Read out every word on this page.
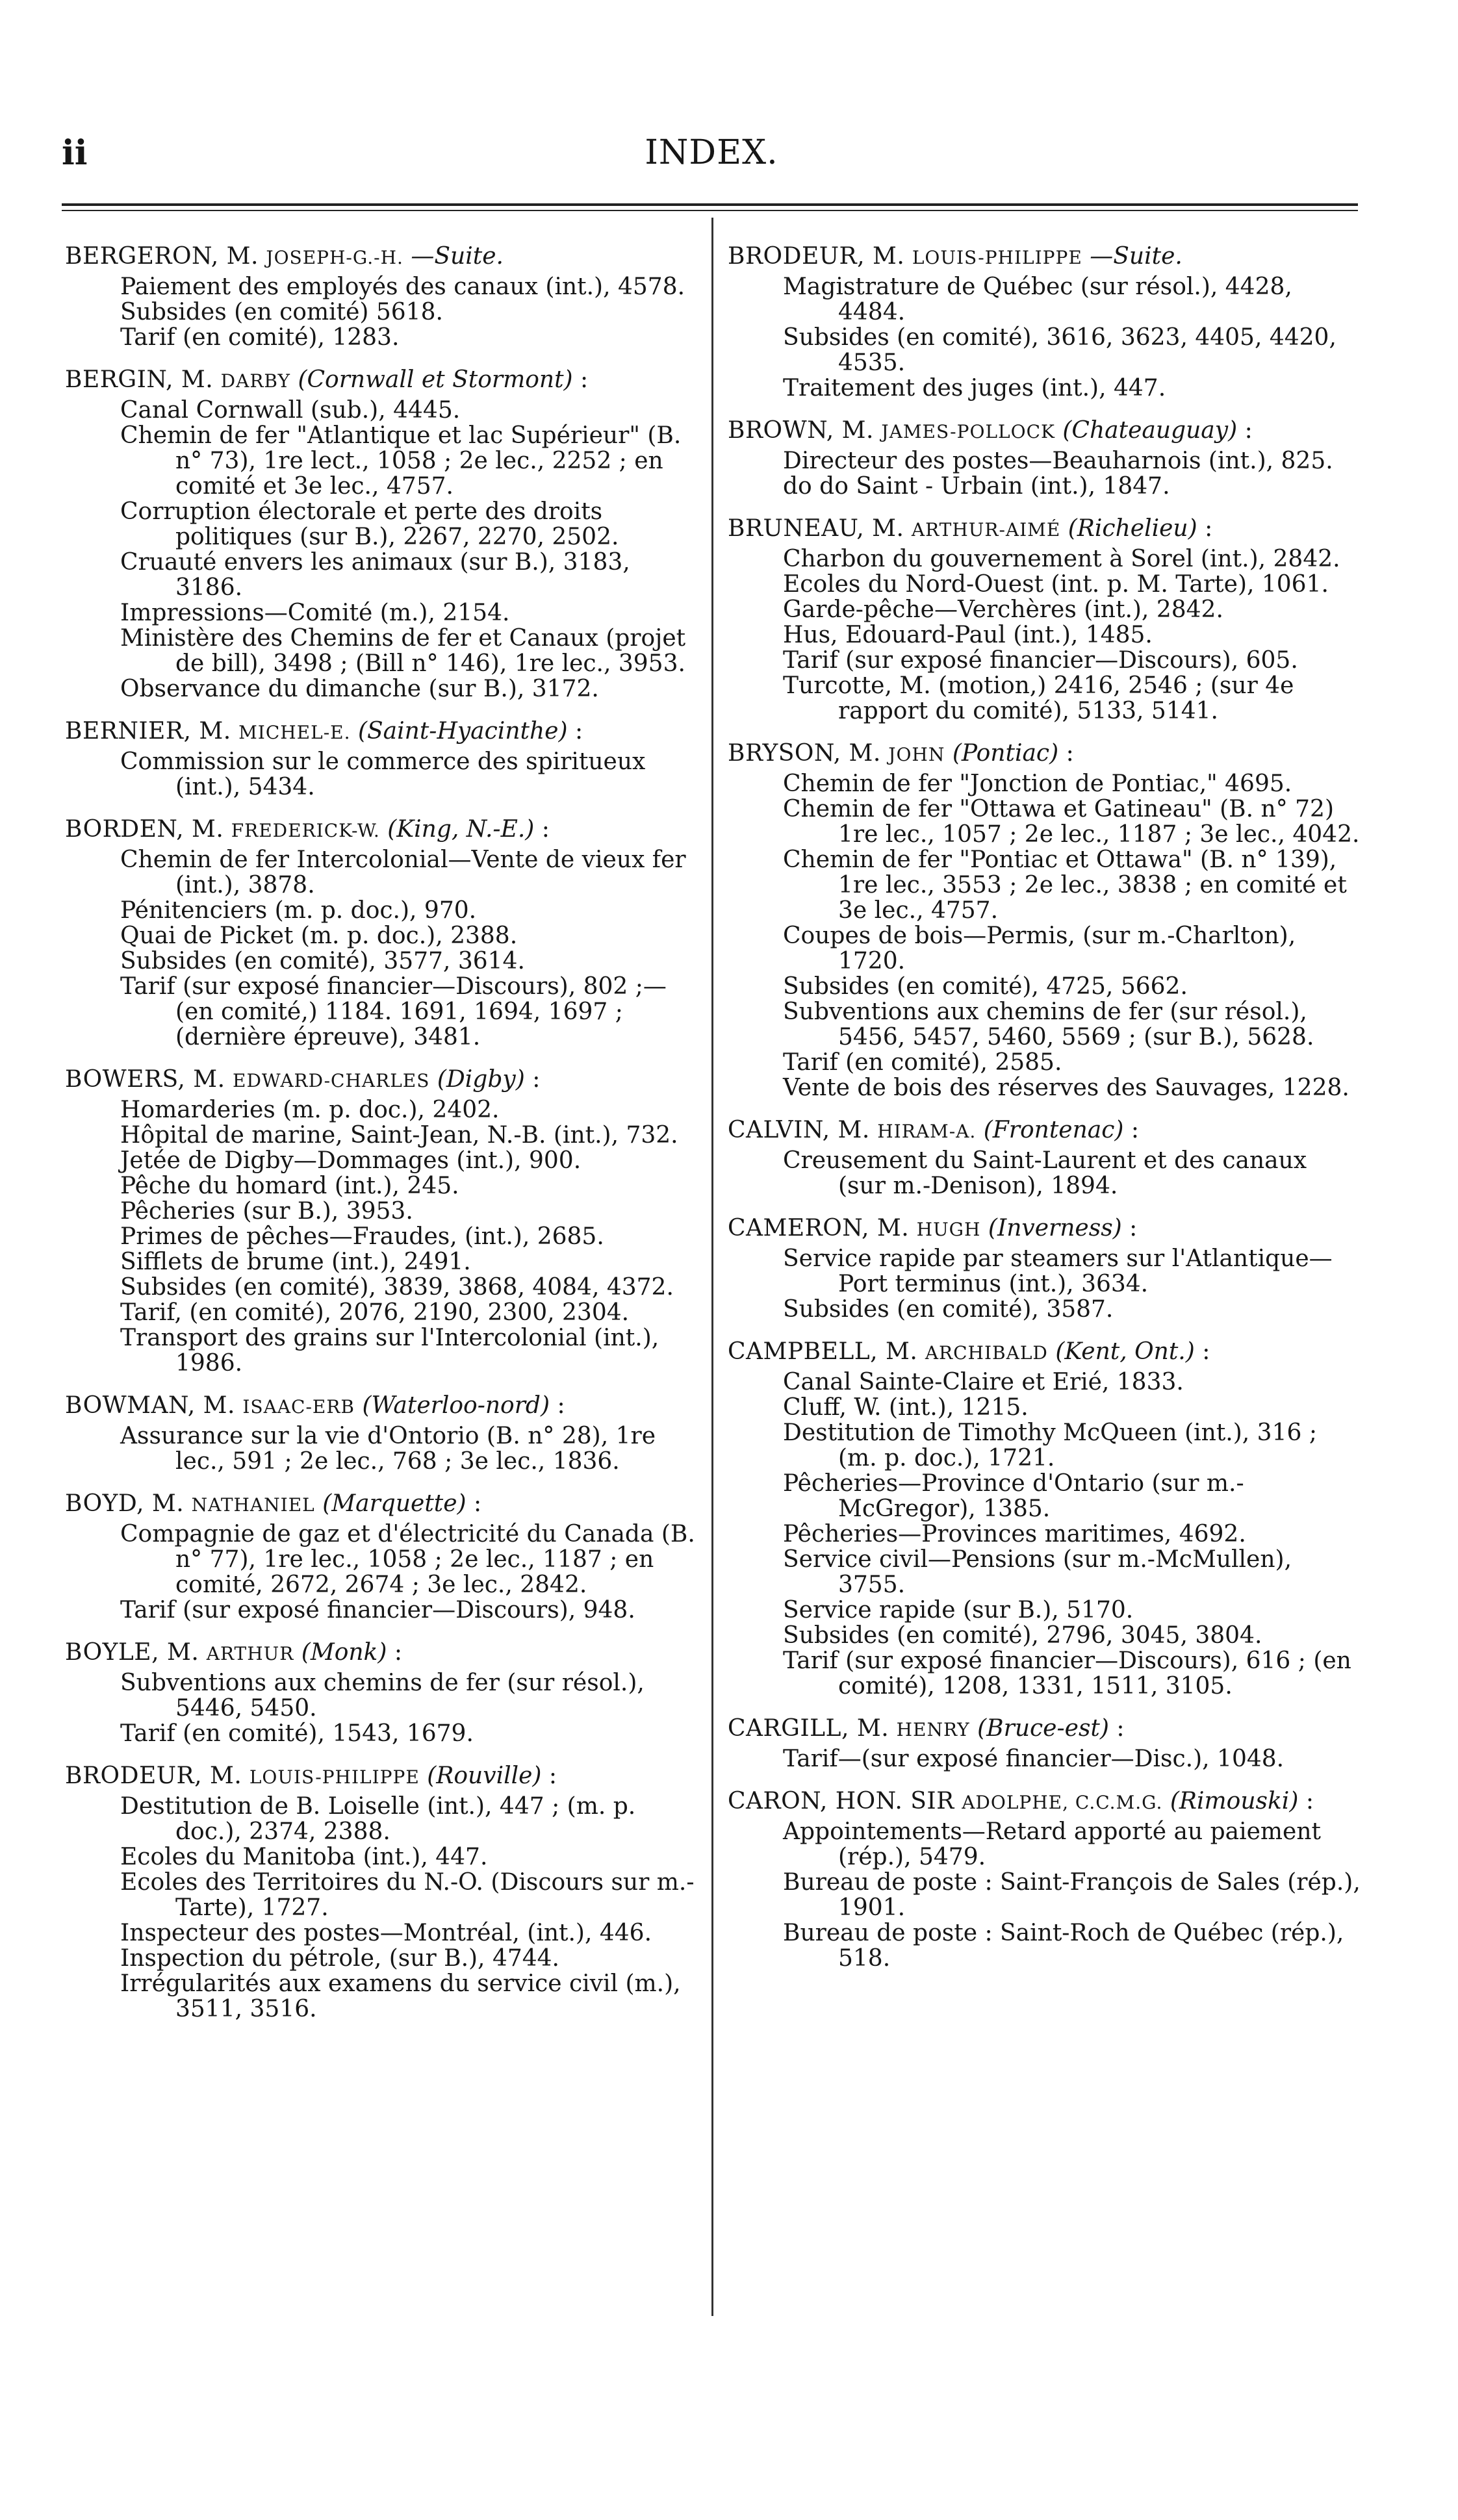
ii	INDEX.
BERGERON, M. JOSEPH-G.-H. —Suite.
Paiement des employés des canaux (int.), 4578.
Subsides (en comité) 5618.
Tarif (en comité), 1283.
BERGIN, M. DARBY (Cornwall et Stormont) :
Canal Cornwall (sub.), 4445.
Chemin de fer "Atlantique et lac Supérieur" (B. n° 73), 1re lect., 1058 ; 2e lec., 2252 ; en comité et 3e lec., 4757.
Corruption électorale et perte des droits politiques (sur B.), 2267, 2270, 2502.
Cruauté envers les animaux (sur B.), 3183, 3186.
Impressions—Comité (m.), 2154.
Ministère des Chemins de fer et Canaux (projet de bill), 3498 ; (Bill n° 146), 1re lec., 3953.
Observance du dimanche (sur B.), 3172.
BERNIER, M. MICHEL-E. (Saint-Hyacinthe) :
Commission sur le commerce des spiritueux (int.), 5434.
BORDEN, M. FREDERICK-W. (King, N.-E.) :
Chemin de fer Intercolonial—Vente de vieux fer (int.), 3878.
Pénitenciers (m. p. doc.), 970.
Quai de Picket (m. p. doc.), 2388.
Subsides (en comité), 3577, 3614.
Tarif (sur exposé financier—Discours), 802 ;— (en comité,) 1184. 1691, 1694, 1697 ; (dernière épreuve), 3481.
BOWERS, M. EDWARD-CHARLES (Digby) :
Homarderies (m. p. doc.), 2402.
Hôpital de marine, Saint-Jean, N.-B. (int.), 732.
Jetée de Digby—Dommages (int.), 900.
Pêche du homard (int.), 245.
Pêcheries (sur B.), 3953.
Primes de pêches—Fraudes, (int.), 2685.
Sifflets de brume (int.), 2491.
Subsides (en comité), 3839, 3868, 4084, 4372.
Tarif, (en comité), 2076, 2190, 2300, 2304.
Transport des grains sur l'Intercolonial (int.), 1986.
BOWMAN, M. ISAAC-ERB (Waterloo-nord) :
Assurance sur la vie d'Ontorio (B. n° 28), 1re lec., 591 ; 2e lec., 768 ; 3e lec., 1836.
BOYD, M. NATHANIEL (Marquette) :
Compagnie de gaz et d'électricité du Canada (B. n° 77), 1re lec., 1058 ; 2e lec., 1187 ; en comité, 2672, 2674 ; 3e lec., 2842.
Tarif (sur exposé financier—Discours), 948.
BOYLE, M. ARTHUR (Monk) :
Subventions aux chemins de fer (sur résol.), 5446, 5450.
Tarif (en comité), 1543, 1679.
BRODEUR, M. LOUIS-PHILIPPE (Rouville) :
Destitution de B. Loiselle (int.), 447 ; (m. p. doc.), 2374, 2388.
Ecoles du Manitoba (int.), 447.
Ecoles des Territoires du N.-O. (Discours sur m.-Tarte), 1727.
Inspecteur des postes—Montréal, (int.), 446.
Inspection du pétrole, (sur B.), 4744.
Irrégularités aux examens du service civil (m.), 3511, 3516.
BRODEUR, M. LOUIS-PHILIPPE —Suite.
Magistrature de Québec (sur résol.), 4428, 4484.
Subsides (en comité), 3616, 3623, 4405, 4420, 4535.
Traitement des juges (int.), 447.
BROWN, M. JAMES-POLLOCK (Chateauguay) :
Directeur des postes—Beauharnois (int.), 825.
do do Saint - Urbain (int.), 1847.
BRUNEAU, M. ARTHUR-AIMÉ (Richelieu) :
Charbon du gouvernement à Sorel (int.), 2842.
Ecoles du Nord-Ouest (int. p. M. Tarte), 1061.
Garde-pêche—Verchères (int.), 2842.
Hus, Edouard-Paul (int.), 1485.
Tarif (sur exposé financier—Discours), 605.
Turcotte, M. (motion,) 2416, 2546 ; (sur 4e rapport du comité), 5133, 5141.
BRYSON, M. JOHN (Pontiac) :
Chemin de fer "Jonction de Pontiac," 4695.
Chemin de fer "Ottawa et Gatineau" (B. n° 72) 1re lec., 1057 ; 2e lec., 1187 ; 3e lec., 4042.
Chemin de fer "Pontiac et Ottawa" (B. n° 139), 1re lec., 3553 ; 2e lec., 3838 ; en comité et 3e lec., 4757.
Coupes de bois—Permis, (sur m.-Charlton), 1720.
Subsides (en comité), 4725, 5662.
Subventions aux chemins de fer (sur résol.), 5456, 5457, 5460, 5569 ; (sur B.), 5628.
Tarif (en comité), 2585.
Vente de bois des réserves des Sauvages, 1228.
CALVIN, M. HIRAM-A. (Frontenac) :
Creusement du Saint-Laurent et des canaux (sur m.-Denison), 1894.
CAMERON, M. HUGH (Inverness) :
Service rapide par steamers sur l'Atlantique— Port terminus (int.), 3634.
Subsides (en comité), 3587.
CAMPBELL, M. ARCHIBALD (Kent, Ont.) :
Canal Sainte-Claire et Erié, 1833.
Cluff, W. (int.), 1215.
Destitution de Timothy McQueen (int.), 316 ; (m. p. doc.), 1721.
Pêcheries—Province d'Ontario (sur m.-McGregor), 1385.
Pêcheries—Provinces maritimes, 4692.
Service civil—Pensions (sur m.-McMullen), 3755.
Service rapide (sur B.), 5170.
Subsides (en comité), 2796, 3045, 3804.
Tarif (sur exposé financier—Discours), 616 ; (en comité), 1208, 1331, 1511, 3105.
CARGILL, M. HENRY (Bruce-est) :
Tarif—(sur exposé financier—Disc.), 1048.
CARON, HON. SIR ADOLPHE, C.C.M.G. (Rimouski) :
Appointements—Retard apporté au paiement (rép.), 5479.
Bureau de poste : Saint-François de Sales (rép.), 1901.
Bureau de poste : Saint-Roch de Québec (rép.), 518.
